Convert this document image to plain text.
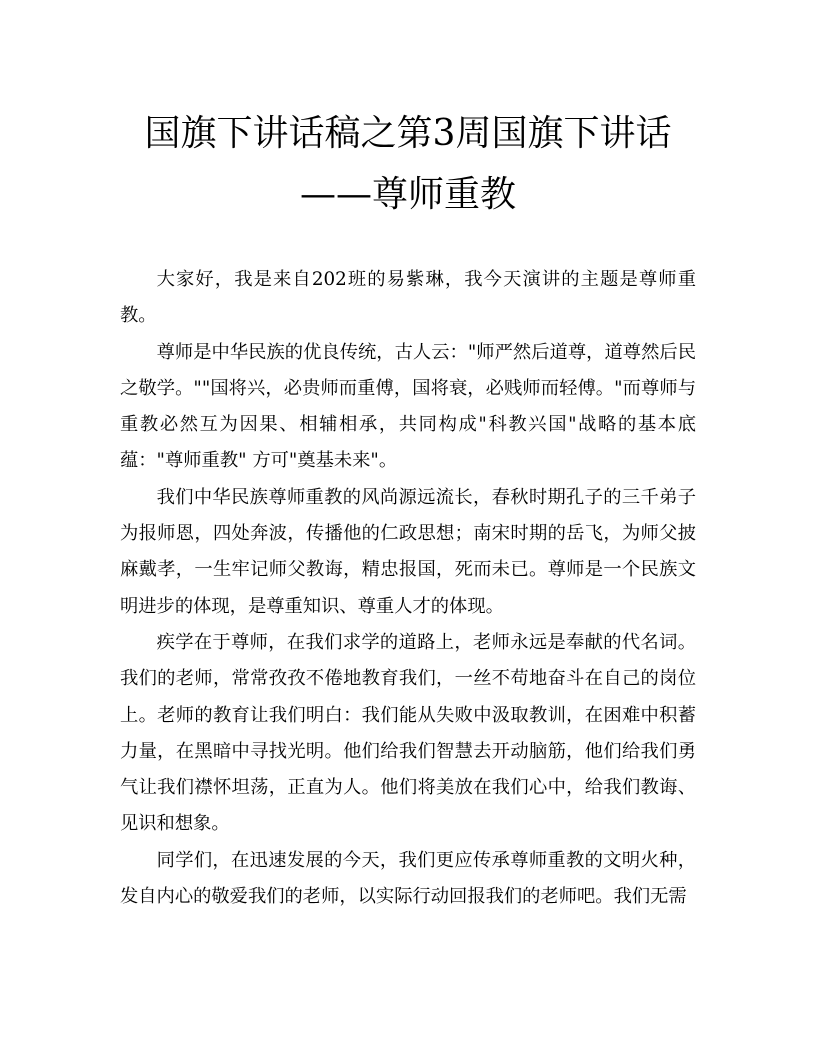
国旗下讲话稿之第3周国旗下讲话
——尊师重教

大家好，我是来自202班的易紫琳，我今天演讲的主题是尊师重教。

尊师是中华民族的优良传统，古人云："师严然后道尊，道尊然后民之敬学。""国将兴，必贵师而重傅，国将衰，必贱师而轻傅。"而尊师与重教必然互为因果、相辅相承，共同构成"科教兴国"战略的基本底蕴："尊师重教" 方可"奠基未来"。

我们中华民族尊师重教的风尚源远流长，春秋时期孔子的三千弟子为报师恩，四处奔波，传播他的仁政思想；南宋时期的岳飞，为师父披麻戴孝，一生牢记师父教诲，精忠报国，死而未已。尊师是一个民族文明进步的体现，是尊重知识、尊重人才的体现。

疾学在于尊师，在我们求学的道路上，老师永远是奉献的代名词。我们的老师，常常孜孜不倦地教育我们，一丝不苟地奋斗在自己的岗位上。老师的教育让我们明白：我们能从失败中汲取教训，在困难中积蓄力量，在黑暗中寻找光明。他们给我们智慧去开动脑筋，他们给我们勇气让我们襟怀坦荡，正直为人。他们将美放在我们心中，给我们教诲、见识和想象。

同学们，在迅速发展的今天，我们更应传承尊师重教的文明火种，发自内心的敬爱我们的老师，以实际行动回报我们的老师吧。我们无需
